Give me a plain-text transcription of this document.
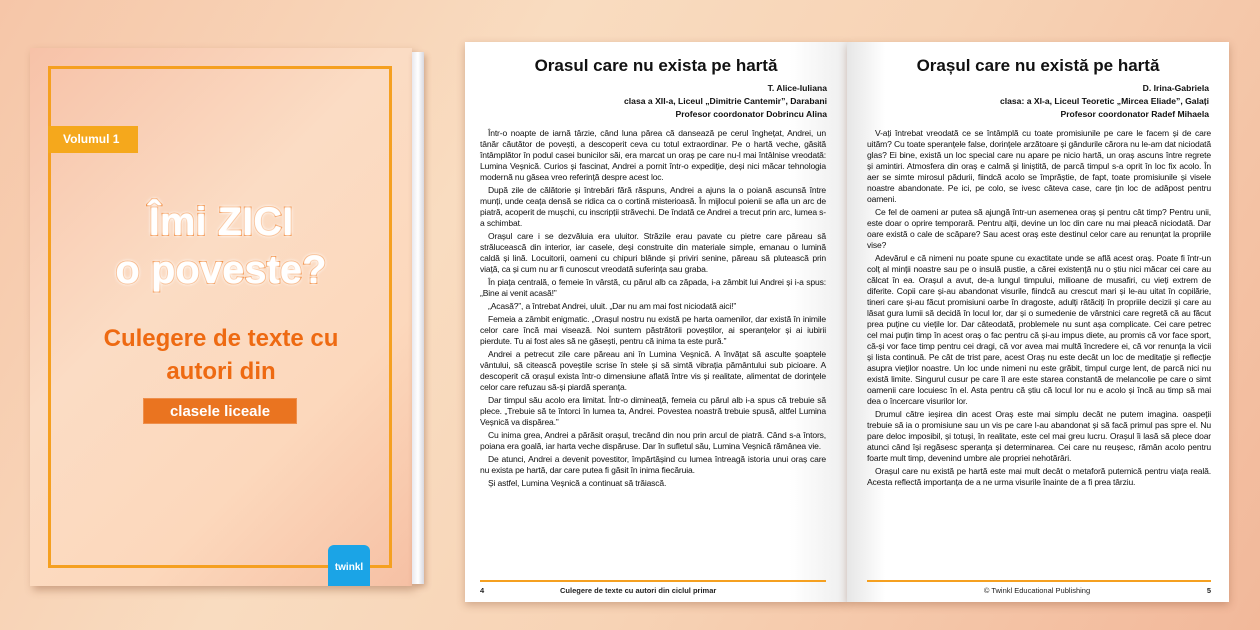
Volumul 1
Îmi ZICI
o poveste?
Culegere de texte cu
autori din
clasele liceale
twinkl
Orasul care nu exista pe hartă
T. Alice-Iuliana
clasa a XII-a, Liceul „Dimitrie Cantemir”, Darabani
Profesor coordonator Dobrincu Alina

Într-o noapte de iarnă târzie, când luna părea că dansează pe cerul înghețat, Andrei, un tânăr căutător de povești, a descoperit ceva cu totul extraordinar. Pe o hartă veche, găsită întâmplător în podul casei bunicilor săi, era marcat un oraș pe care nu-l mai întâlnise vreodată: Lumina Veșnică. Curios și fascinat, Andrei a pornit într-o expediție, deși nici măcar tehnologia modernă nu găsea vreo referință despre acest loc.

După zile de călătorie și întrebări fără răspuns, Andrei a ajuns la o poiană ascunsă între munți, unde ceața densă se ridica ca o cortină misterioasă. În mijlocul poienii se afla un arc de piatră, acoperit de mușchi, cu inscripții străvechi. De îndată ce Andrei a trecut prin arc, lumea s-a schimbat.

Orașul care i se dezvăluia era uluitor. Străzile erau pavate cu pietre care păreau să strălucească din interior, iar casele, deși construite din materiale simple, emanau o lumină caldă și lină. Locuitorii, oameni cu chipuri blânde și priviri senine, păreau să plutească prin viață, ca și cum nu ar fi cunoscut vreodată suferința sau graba.

În piața centrală, o femeie în vârstă, cu părul alb ca zăpada, i-a zâmbit lui Andrei și i-a spus: „Bine ai venit acasă!”

„Acasă?”, a întrebat Andrei, uluit. „Dar nu am mai fost niciodată aici!”

Femeia a zâmbit enigmatic. „Orașul nostru nu există pe harta oamenilor, dar există în inimile celor care încă mai visează. Noi suntem păstrătorii poveștilor, ai speranțelor și ai iubirii pierdute. Tu ai fost ales să ne găsești, pentru că inima ta este pură.”

Andrei a petrecut zile care păreau ani în Lumina Veșnică. A învățat să asculte șoaptele vântului, să citească poveștile scrise în stele și să simtă vibrația pământului sub picioare. A descoperit că orașul exista într-o dimensiune aflată între vis și realitate, alimentat de dorințele celor care refuzau să-și piardă speranța.

Dar timpul său acolo era limitat. Într-o dimineață, femeia cu părul alb i-a spus că trebuie să plece. „Trebuie să te întorci în lumea ta, Andrei. Povestea noastră trebuie spusă, altfel Lumina Veșnică va dispărea.”

Cu inima grea, Andrei a părăsit orașul, trecând din nou prin arcul de piatră. Când s-a întors, poiana era goală, iar harta veche dispăruse. Dar în sufletul său, Lumina Veșnică rămânea vie.

De atunci, Andrei a devenit povestitor, împărtășind cu lumea întreagă istoria unui oraș care nu exista pe hartă, dar care putea fi găsit în inima fiecăruia.

Și astfel, Lumina Veșnică a continuat să trăiască.

4	Culegere de texte cu autori din ciclul primar
Orașul care nu există pe hartă
D. Irina-Gabriela
clasa: a XI-a, Liceul Teoretic „Mircea Eliade”, Galați
Profesor coordonator Radef Mihaela

V-ați întrebat vreodată ce se întâmplă cu toate promisiunile pe care le facem și de care uităm? Cu toate speranțele false, dorințele arzătoare și gândurile cărora nu le-am dat niciodată glas? Ei bine, există un loc special care nu apare pe nicio hartă, un oraș ascuns între regrete și amintiri. Atmosfera din oraș e calmă și liniștită, de parcă timpul s-a oprit în loc fix acolo. În aer se simte mirosul pădurii, fiindcă acolo se împrăștie, de fapt, toate promisiunile și visele noastre abandonate. Pe ici, pe colo, se ivesc câteva case, care țin loc de adăpost pentru oameni.

Ce fel de oameni ar putea să ajungă într-un asemenea oraș și pentru cât timp? Pentru unii, este doar o oprire temporară. Pentru alții, devine un loc din care nu mai pleacă niciodată. Dar oare există o cale de scăpare? Sau acest oraș este destinul celor care au renunțat la propriile vise?

Adevărul e că nimeni nu poate spune cu exactitate unde se află acest oraș. Poate fi într-un colț al minții noastre sau pe o insulă pustie, a cărei existență nu o știu nici măcar cei care au călcat în ea. Orașul a avut, de-a lungul timpului, milioane de musafiri, cu vieți extrem de diferite. Copii care și-au abandonat visurile, fiindcă au crescut mari și le-au uitat în copilărie, tineri care și-au făcut promisiuni oarbe în dragoste, adulți rătăciți în propriile decizii și care au lăsat gura lumii să decidă în locul lor, dar și o sumedenie de vârstnici care regretă că au făcut prea puține cu viețile lor. Dar câteodată, problemele nu sunt așa complicate. Cei care petrec cel mai puțin timp în acest oraș o fac pentru că și-au impus diete, au promis că vor face sport, că-și vor face timp pentru cei dragi, că vor avea mai multă încredere ei, că vor renunța la vicii și lista continuă. Pe cât de trist pare, acest Oraș nu este decât un loc de meditație și reflecție asupra vieților noastre. Un loc unde nimeni nu este grăbit, timpul curge lent, de parcă nici nu există limite. Singurul cusur pe care îl are este starea constantă de melancolie pe care o simt oamenii care locuiesc în el. Asta pentru că știu că locul lor nu e acolo și încă au timp să mai dea o încercare visurilor lor.

Drumul către ieșirea din acest Oraș este mai simplu decât ne putem imagina. oaspeții trebuie să ia o promisiune sau un vis pe care l-au abandonat și să facă primul pas spre el. Nu pare deloc imposibil, și totuși, în realitate, este cel mai greu lucru. Orașul îi lasă să plece doar atunci când își regăsesc speranța și determinarea. Cei care nu reușesc, rămân acolo pentru foarte mult timp, devenind umbre ale propriei nehotărâri.

Orașul care nu există pe hartă este mai mult decât o metaforă puternică pentru viața reală. Acesta reflectă importanța de a ne urma visurile înainte de a fi prea târziu.

© Twinkl Educational Publishing	5
